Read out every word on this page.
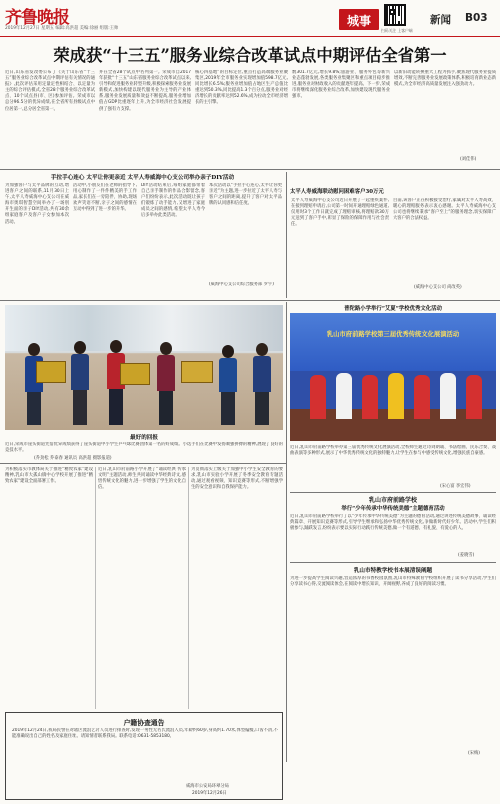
齐鲁晚报
2019年12月27日 星期五 编辑:高洪超 美编:徐丽 组版:王帅
城事
扫码关注 上客户端
新闻 B03
荣成获“十三五”服务业综合改革试点中期评估全省第一
近日,山东省发改委公布了《关于山东省“十三五”服务业综合改革试点中期评估有关情况的通报》,此次评估采用定量定性相结合、以定量为主的综合评估模式,全省28个服务业综合改革试点、10个试点县(市、区)参加评估。荣成市以总分96.5分的优异成绩,在全省所有县级试点中位居第一,总分居全省第一。
并在全省28个试点中名列第一。荣成市自2017年获批“十三五”山东省服务业综合改革试点以来,引导和促进服务业转型升级,积极探索服务业发展新模式,加快构建以现代服务业为主导的产业体系,服务业发展质量和效益不断提高,服务业增加值占GDP比重逐年上升,为全市经济社会发展提供了强有力支撑。
核心四基地”的目标定位,重点打造高端服务业聚集区,2019年全市服务业实现增加值598.7亿元,同比增长6.5%;服务业增加值占地区生产总值比重达到50.3%,同比提高1.3个百分点,服务业对经济增长的贡献率达到52.6%,成为拉动全市经济增长的主引擎。
数301.7亿元,增长9.8%;旅游业、服务外包等新兴业态蓬勃发展,各类服务业集聚区和重点项目稳步推进,服务业对财政收入的贡献逐年提高。下一步,荣成市将继续深化服务业综合改革,加快建设现代服务业强市。
以新旧动能转换重大工程为抓手,聚焦现代服务业提质增效,不断完善服务业发展政策体系,积极培育新业态新模式,为全市经济高质量发展注入强劲动力。
(刘佳伟)
手拉手心连心 太平让你更亲近 太平人寿威海中心支公司举办亲子DIY活动
为加强客户与太平品牌的互动,增进客户之间的联系,11月30日上午,太平人寿威海中心支公司在威海市奥琪智慧空间举办了一场别开生面的亲子DIY活动,共有30余组家庭客户及客户子女参加本次活动。
活动中,小朋友们在老师的指导下,用心制作了一件件精美的手工作品,家长们在一旁陪伴、协助,现场欢声笑语不断,亲子之间的感情在互动中得到了进一步的升华。
DIY活动结束后,每组家庭都带着自己亲手制作的作品合影留念,客户们纷纷表示,此次活动既让孩子们锻炼了动手能力,又增进了家庭成员之间的感情,希望太平人寿今后多举办此类活动。
本次活动以“手拉手心连心,太平让你更亲近”为主题,进一步拉近了太平人寿与客户之间的距离,提升了客户对太平品牌的认同感和信任度。
(威海中心支公司综合服务部 罗宇)
太平人寿威海联动慰问困难客户30万元
太平人寿威海中心支公司近日开展了一起重疾案件,在接到理赔申请后,公司第一时间开通理赔绿色通道,仅用时3个工作日就完成了理赔审核,将理赔款30万元送到了客户手中,彰显了保险的保障作用与社会责任。
目前,该客户正在积极接受治疗,家属对太平人寿高效、暖心的理赔服务表示衷心感谢。太平人寿威海中心支公司也将继续秉承“客户至上”的服务理念,切实保障广大客户的合法权益。
(威海中心支公司 尚改英)
最好的回报
近日,荣成市崖头街道凭借优异成绩获得了崖头街道中小学生乒乓球比赛团体第一名的好成绩。小选手们在比赛中发扬顽强拼搏的精神,展现了良好的竞技水平。
(乔劲松 乔泰春 通讯员 高洪超 摄影报道)
普陀路小学举行“艾夏”学校优秀文化活动
乳山市府前路学校第三届优秀传统文化展演活动
近日,乳山市府前路学校举办第三届优秀传统文化展演活动,全校师生通过诗词朗诵、书法绘画、民乐合奏、戏曲表演等多种形式,展示了中华优秀传统文化的独特魅力,让学生在参与中感受传统文化,增强民族自豪感。
(宋心富 李宏伟)
为积极落实市教体局关于推进“精致农家”建设精神,乳山市大孤山镇中心学校开展了推进“精致农家”建设全面部署工作。
近日,乳山市府前路小学开展了“诵读经典 传承文明”主题活动,师生共同诵读中华经典诗文,感悟传统文化的魅力,进一步增强了学生的文化自信。
为贯彻落实上级关于加强中小学生安全教育的要求,乳山市实验小学开展了冬季安全教育专题活动,通过观看视频、知识竞赛等形式,不断增强学生的安全意识和自我保护能力。
乳山市府前路学校
举行“少年传承中华传统美德”主题德育活动
近日,乳山市府前路学校举行了以“少年传承中华传统美德”为主题的德育活动,通过讲述传统美德故事、诵读经典篇章、开展知识竞赛等形式,引导学生继承和弘扬中华优秀传统文化,争做新时代好少年。活动中,学生们积极参与,踊跃发言,纷纷表示要以实际行动践行传统美德,做一个有道德、有礼貌、有爱心的人。
(姜晓雪)
乳山市特教学校书本展清误阐题
为进一步提高学生阅读兴趣,营造浓厚的书香校园氛围,乳山市特殊教育学校组织开展了读书分享活动,学生们分享读书心得,交流阅读体会,在阅读中增长知识、开阔视野,养成了良好的阅读习惯。
(宋梅)
户籍协查通告
2019年12月24日,我局民警在对辖区流浪乞讨人员进行排查时,发现一男性无名氏流浪人员,年龄约60岁,身高约1.70米,体型偏瘦,口齿不清,不能准确说出自己的姓名及家庭住址。请知情者联系我局。联系电话:0631-5853180。
威海市公安局环翠分局
2019年12月26日
